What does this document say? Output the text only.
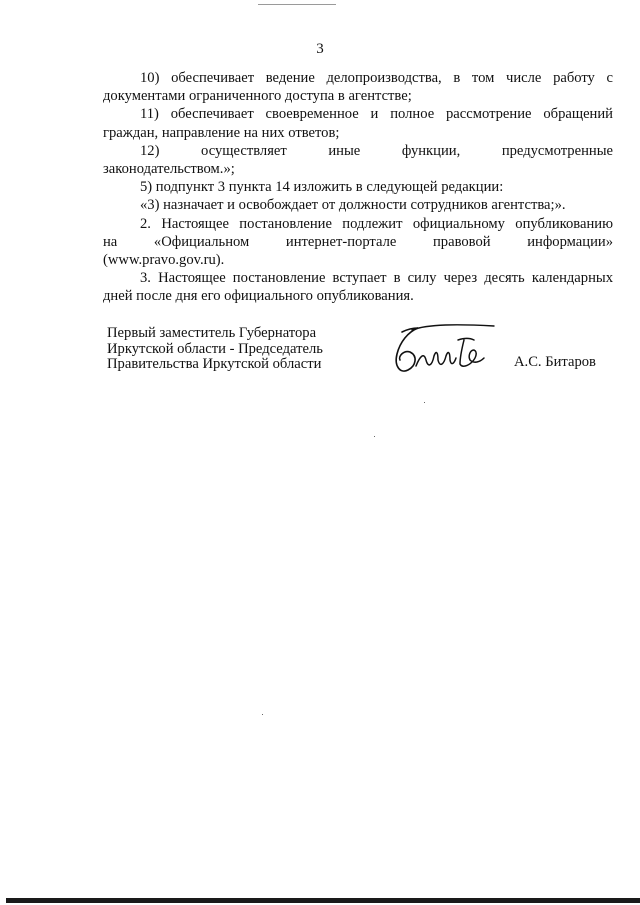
3

10) обеспечивает ведение делопроизводства, в том числе работу с

документами ограниченного доступа в агентстве;

11) обеспечивает своевременное и полное рассмотрение обращений

граждан, направление на них ответов;

12) осуществляет иные функции, предусмотренные

законодательством.»;

5) подпункт 3 пункта 14 изложить в следующей редакции:

«3) назначает и освобождает от должности сотрудников агентства;».

2. Настоящее постановление подлежит официальному опубликованию

на «Официальном интернет-портале правовой информации»

(www.pravo.gov.ru).

3. Настоящее постановление вступает в силу через десять календарных

дней после дня его официального опубликования.

Первый заместитель Губернатора
Иркутской области - Председатель
Правительства Иркутской области	А.С. Битаров
